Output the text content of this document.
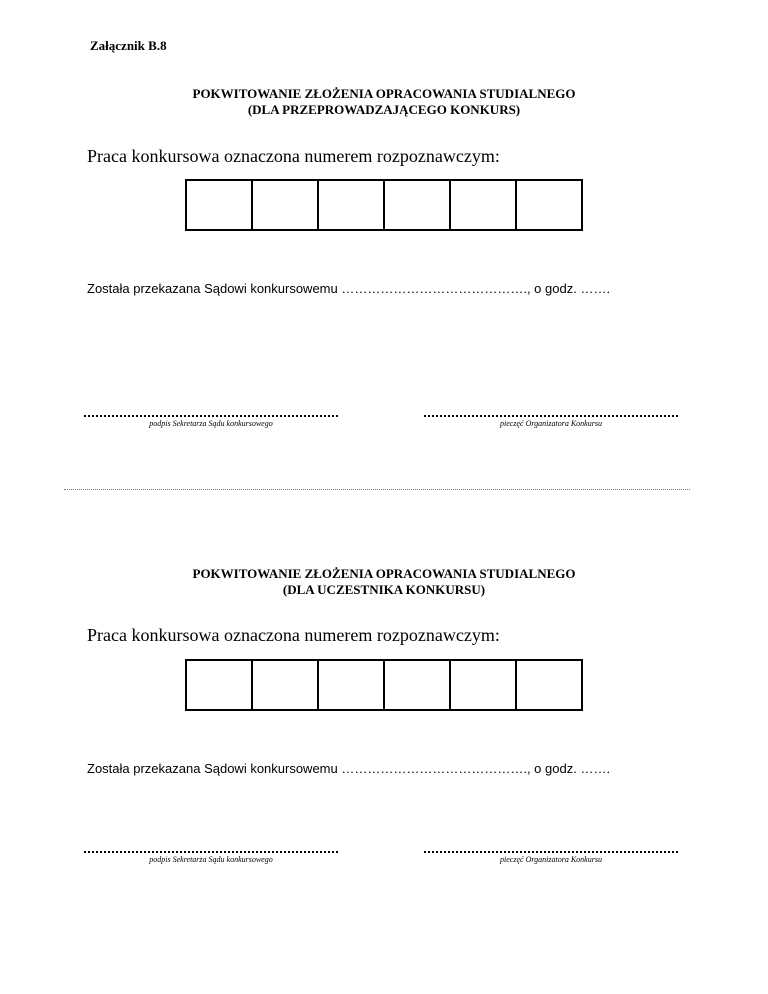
Załącznik B.8
POKWITOWANIE ZŁOŻENIA OPRACOWANIA STUDIALNEGO
(DLA PRZEPROWADZAJĄCEGO KONKURS)
Praca konkursowa oznaczona numerem rozpoznawczym:
Została przekazana Sądowi konkursowemu ……………………………………., o godz. …….
podpis Sekretarza Sądu konkursowego	pieczęć Organizatora Konkursu
POKWITOWANIE ZŁOŻENIA OPRACOWANIA STUDIALNEGO
(DLA UCZESTNIKA KONKURSU)
Praca konkursowa oznaczona numerem rozpoznawczym:
Została przekazana Sądowi konkursowemu ……………………………………., o godz. …….
podpis Sekretarza Sądu konkursowego	pieczęć Organizatora Konkursu
